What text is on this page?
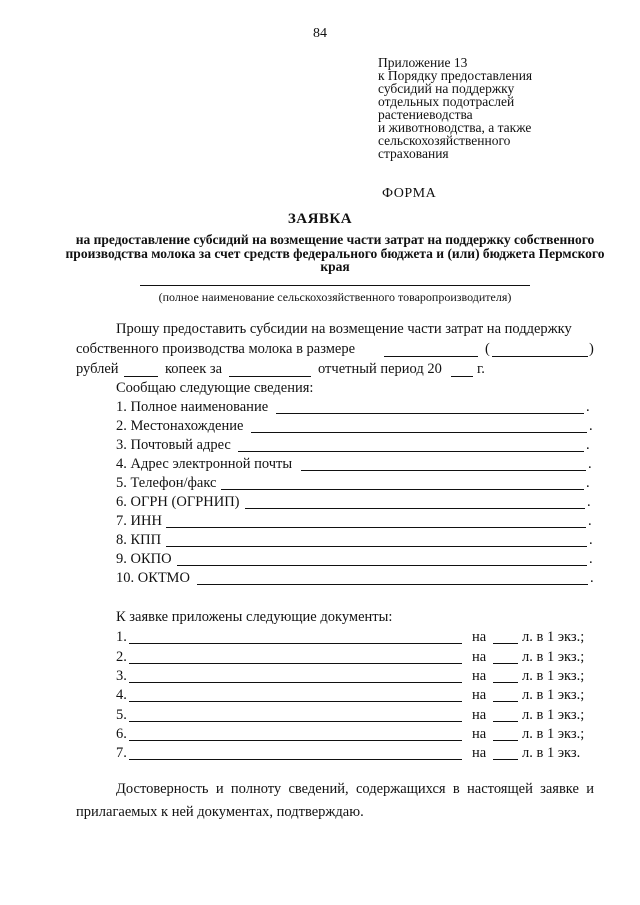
84
Приложение 13
к Порядку предоставления
субсидий на поддержку
отдельных подотраслей
растениеводства
и животноводства, а также
сельскохозяйственного
страхования
ФОРМА
ЗАЯВКА
на предоставление субсидий на возмещение части затрат на поддержку собственного производства молока за счет средств федерального бюджета и (или) бюджета Пермского края
(полное наименование сельскохозяйственного товаропроизводителя)
Прошу предоставить субсидии на возмещение части затрат на поддержку
собственного производства молока в размере	(	)
рублей	копеек за	отчетный период 20 г.
Сообщаю следующие сведения:
1. Полное наименование	.
2. Местонахождение	.
3. Почтовый адрес	.
4. Адрес электронной почты	.
5. Телефон/факс	.
6. ОГРН (ОГРНИП)	.
7. ИНН	.
8. КПП	.
9. ОКПО	.
10. ОКТМО	.
К заявке приложены следующие документы:
1.	на л. в 1 экз.;
2.	на л. в 1 экз.;
3.	на л. в 1 экз.;
4.	на л. в 1 экз.;
5.	на л. в 1 экз.;
6.	на л. в 1 экз.;
7.	на л. в 1 экз.
Достоверность и полноту сведений, содержащихся в настоящей заявке и прилагаемых к ней документах, подтверждаю.
